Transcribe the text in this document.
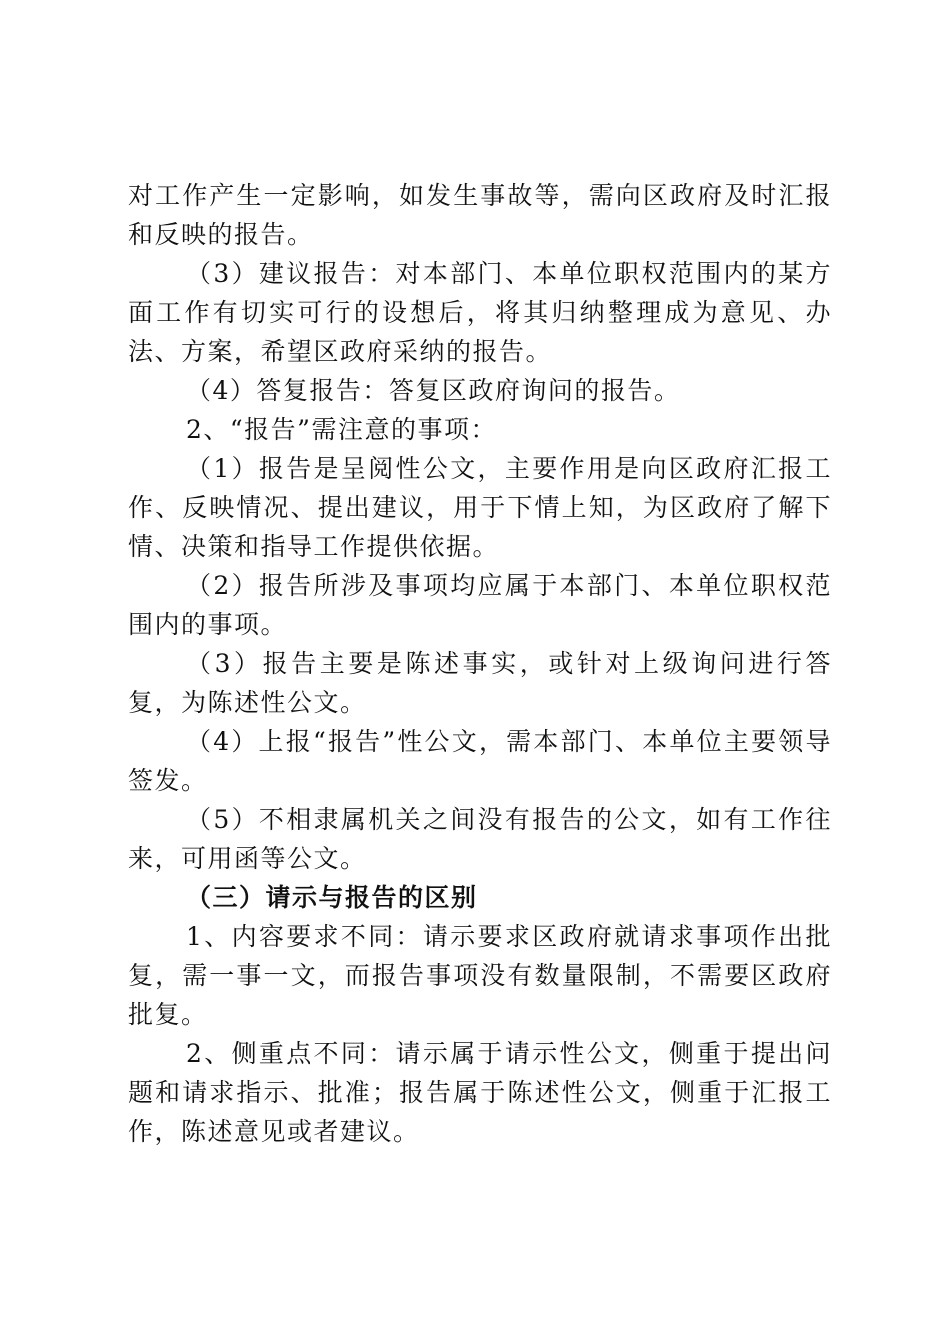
对工作产生一定影响，如发生事故等，需向区政府及时汇报和反映的报告。

（3）建议报告：对本部门、本单位职权范围内的某方面工作有切实可行的设想后，将其归纳整理成为意见、办法、方案，希望区政府采纳的报告。

（4）答复报告：答复区政府询问的报告。

2、“报告”需注意的事项：

（1）报告是呈阅性公文，主要作用是向区政府汇报工作、反映情况、提出建议，用于下情上知，为区政府了解下情、决策和指导工作提供依据。

（2）报告所涉及事项均应属于本部门、本单位职权范围内的事项。

（3）报告主要是陈述事实，或针对上级询问进行答复，为陈述性公文。

（4）上报“报告”性公文，需本部门、本单位主要领导签发。

（5）不相隶属机关之间没有报告的公文，如有工作往来，可用函等公文。

（三）请示与报告的区别

1、内容要求不同：请示要求区政府就请求事项作出批复，需一事一文，而报告事项没有数量限制，不需要区政府批复。

2、侧重点不同：请示属于请示性公文，侧重于提出问题和请求指示、批准；报告属于陈述性公文，侧重于汇报工作，陈述意见或者建议。
